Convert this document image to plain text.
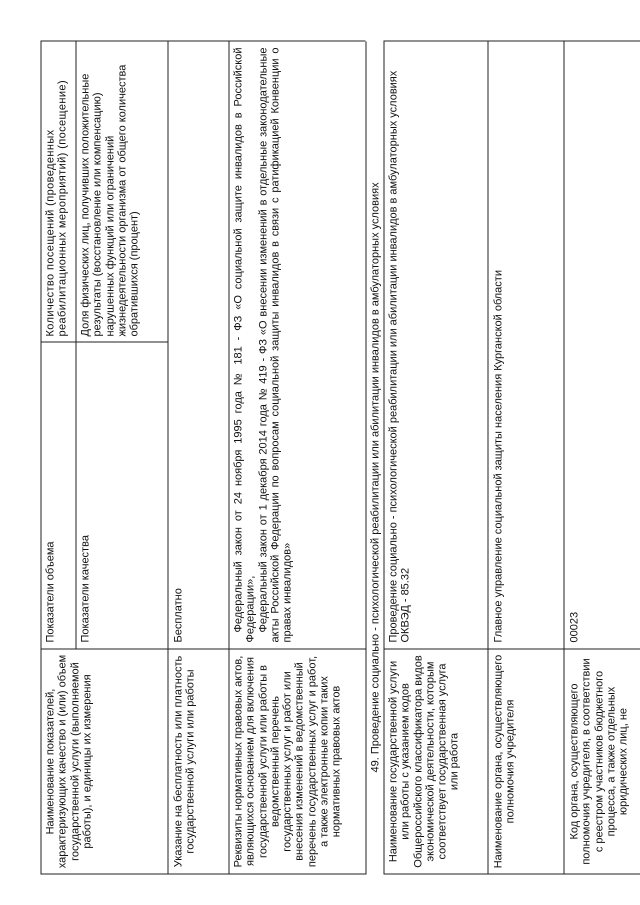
Наименование показателей, характеризующих качество и (или) объем государственной услуги (выполняемой работы), и единицы их измерения
Показатели объема
Количество посещений (проведенных реабилитационных мероприятий) (посещение)
Показатели качества
Доля физических лиц, получивших положительные результаты (восстановление или компенсацию) нарушенных функций или ограничений жизнедеятельности организма от общего количества обратившихся (процент)
Указание на бесплатность или платность государственной услуги или работы
Бесплатно
Реквизиты нормативных правовых актов, являющихся основанием для включения государственной услуги или работы в ведомственный перечень государственных услуг и работ или внесения изменений в ведомственный перечень государственных услуг и работ, а также электронные копии таких нормативных правовых актов

Федеральный закон от 24 ноября 1995 года № 181 - ФЗ «О социальной защите инвалидов в Российской Федерации», Федеральный закон от 1 декабря 2014 года № 419 - ФЗ «О внесении изменений в отдельные законодательные акты Российской Федерации по вопросам социальной защиты инвалидов в связи с ратификацией Конвенции о правах инвалидов»	49. Проведение социально - психологической реабилитации или абилитации инвалидов в амбулаторных условиях Наименование государственной услуги или работы с указанием кодов Общероссийского классификатора видов экономической деятельности, которым соответствует государственная услуга или работа
Проведение социально - психологической реабилитации или абилитации инвалидов в амбулаторных условиях ОКВЭД - 85.32
Наименование органа, осуществляющего полномочия учредителя
Главное управление социальной защиты населения Курганской области
Код органа, осуществляющего полномочия учредителя, в соответствии с реестром участников бюджетного процесса, а также отдельных юридических лиц, не
00023
